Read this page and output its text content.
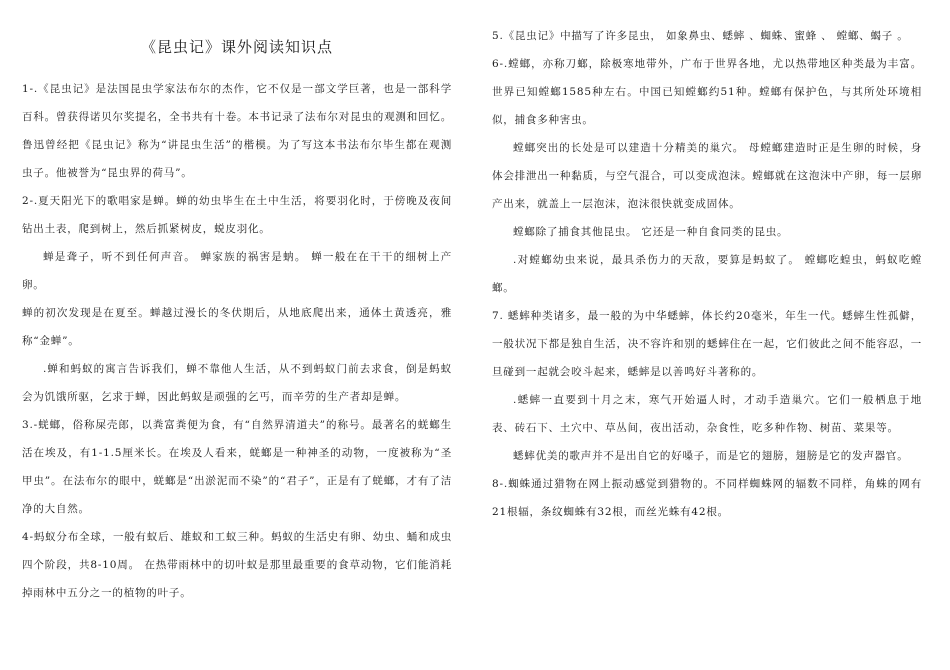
《昆虫记》课外阅读知识点

1-.《昆虫记》是法国昆虫学家法布尔的杰作，它不仅是一部文学巨著，也是一部科学百科。曾获得诺贝尔奖提名，全书共有十卷。本书记录了法布尔对昆虫的观测和回忆。鲁迅曾经把《昆虫记》称为“讲昆虫生活”的楷模。为了写这本书法布尔毕生都在观测虫子。他被誉为“昆虫界的荷马”。

2-.夏天阳光下的歌唱家是蝉。蝉的幼虫毕生在土中生活，将要羽化时，于傍晚及夜间钻出土表，爬到树上，然后抓紧树皮，蜕皮羽化。

蝉是聋子，听不到任何声音。 蝉家族的祸害是蚋。 蝉一般在在干干的细树上产卵。

蝉的初次发现是在夏至。蝉越过漫长的冬伏期后，从地底爬出来，通体土黄透亮，雅称“金蝉”。

.蝉和蚂蚁的寓言告诉我们，蝉不靠他人生活，从不到蚂蚁门前去求食，倒是蚂蚁会为饥饿所驱，乞求于蝉，因此蚂蚁是顽强的乞丐，而辛劳的生产者却是蝉。

3.-蜣螂，俗称屎壳郎，以粪富粪便为食，有“自然界清道夫”的称号。最著名的蜣螂生活在埃及，有1-1.5厘米长。在埃及人看来，蜣螂是一种神圣的动物，一度被称为“圣甲虫”。在法布尔的眼中，蜣螂是“出淤泥而不染”的“君子”，正是有了蜣螂，才有了洁净的大自然。

4-蚂蚁分布全球，一般有蚁后、雄蚁和工蚁三种。蚂蚁的生活史有卵、幼虫、蛹和成虫四个阶段，共8-10周。 在热带雨林中的切叶蚁是那里最重要的食草动物，它们能消耗掉雨林中五分之一的植物的叶子。

5.《昆虫记》中描写了许多昆虫， 如象鼻虫、蟋蟀 、蜘蛛、蜜蜂 、 螳螂、蝎子 。

6-.螳螂，亦称刀螂，除极寒地带外，广布于世界各地，尤以热带地区种类最为丰富。世界已知螳螂1585种左右。中国已知螳螂约51种。螳螂有保护色，与其所处环境相似，捕食多种害虫。

螳螂突出的长处是可以建造十分精美的巢穴。 母螳螂建造时正是生卵的时候，身体会排泄出一种黏质，与空气混合，可以变成泡沫。螳螂就在这泡沫中产卵，每一层卵产出来，就盖上一层泡沫，泡沫很快就变成固体。

螳螂除了捕食其他昆虫。 它还是一种自食同类的昆虫。

.对螳螂幼虫来说，最具杀伤力的天敌，要算是蚂蚁了。 螳螂吃蝗虫，蚂蚁吃螳螂。

7. 蟋蟀种类诸多，最一般的为中华蟋蟀，体长约20毫米，年生一代。蟋蟀生性孤僻，一般状况下都是独自生活，决不容许和别的蟋蟀住在一起，它们彼此之间不能容忍，一旦碰到一起就会咬斗起来，蟋蟀是以善鸣好斗著称的。

.蟋蟀一直要到十月之末，寒气开始逼人时，才动手造巢穴。它们一般栖息于地表、砖石下、土穴中、草丛间，夜出活动，杂食性，吃多种作物、树苗、菜果等。

蟋蟀优美的歌声并不是出自它的好嗓子，而是它的翅膀，翅膀是它的发声器官。

8-.蜘蛛通过猎物在网上振动感觉到猎物的。不同样蜘蛛网的辐数不同样，角蛛的网有21根辐，条纹蜘蛛有32根，而丝光蛛有42根。
